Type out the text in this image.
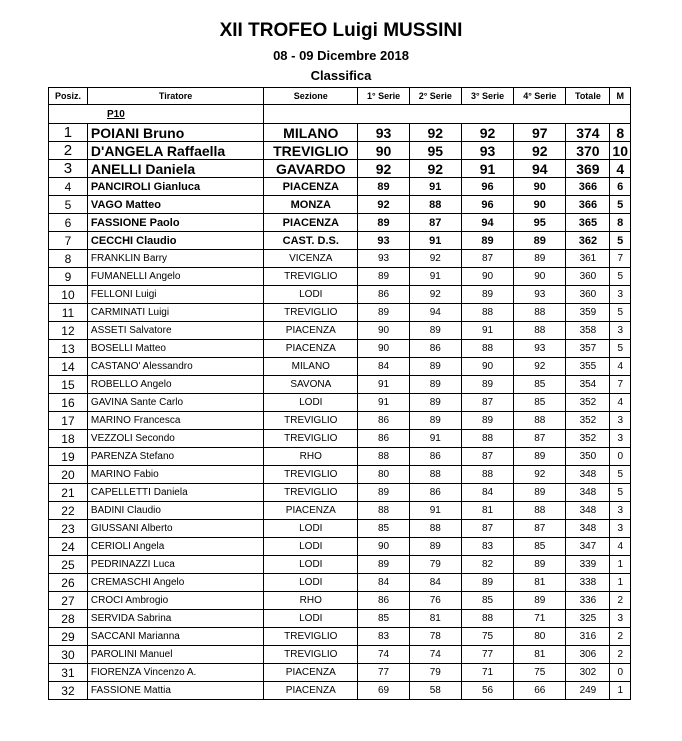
XII TROFEO Luigi MUSSINI
08 - 09 Dicembre 2018
Classifica
Posiz.	Tiratore	Sezione	1° Serie	2° Serie	3° Serie	4° Serie	Totale	M
P10								
1	POIANI Bruno	MILANO	93	92	92	97	374	8
2	D'ANGELA Raffaella	TREVIGLIO	90	95	93	92	370	10
3	ANELLI Daniela	GAVARDO	92	92	91	94	369	4
4	PANCIROLI Gianluca	PIACENZA	89	91	96	90	366	6
5	VAGO Matteo	MONZA	92	88	96	90	366	5
6	FASSIONE Paolo	PIACENZA	89	87	94	95	365	8
7	CECCHI Claudio	CAST. D.S.	93	91	89	89	362	5
8	FRANKLIN Barry	VICENZA	93	92	87	89	361	7
9	FUMANELLI Angelo	TREVIGLIO	89	91	90	90	360	5
10	FELLONI Luigi	LODI	86	92	89	93	360	3
11	CARMINATI Luigi	TREVIGLIO	89	94	88	88	359	5
12	ASSETI Salvatore	PIACENZA	90	89	91	88	358	3
13	BOSELLI Matteo	PIACENZA	90	86	88	93	357	5
14	CASTANO' Alessandro	MILANO	84	89	90	92	355	4
15	ROBELLO Angelo	SAVONA	91	89	89	85	354	7
16	GAVINA Sante Carlo	LODI	91	89	87	85	352	4
17	MARINO Francesca	TREVIGLIO	86	89	89	88	352	3
18	VEZZOLI Secondo	TREVIGLIO	86	91	88	87	352	3
19	PARENZA Stefano	RHO	88	86	87	89	350	0
20	MARINO Fabio	TREVIGLIO	80	88	88	92	348	5
21	CAPELLETTI Daniela	TREVIGLIO	89	86	84	89	348	5
22	BADINI Claudio	PIACENZA	88	91	81	88	348	3
23	GIUSSANI Alberto	LODI	85	88	87	87	348	3
24	CERIOLI Angela	LODI	90	89	83	85	347	4
25	PEDRINAZZI Luca	LODI	89	79	82	89	339	1
26	CREMASCHI Angelo	LODI	84	84	89	81	338	1
27	CROCI Ambrogio	RHO	86	76	85	89	336	2
28	SERVIDA Sabrina	LODI	85	81	88	71	325	3
29	SACCANI Marianna	TREVIGLIO	83	78	75	80	316	2
30	PAROLINI Manuel	TREVIGLIO	74	74	77	81	306	2
31	FIORENZA Vincenzo A.	PIACENZA	77	79	71	75	302	0
32	FASSIONE Mattia	PIACENZA	69	58	56	66	249	1
